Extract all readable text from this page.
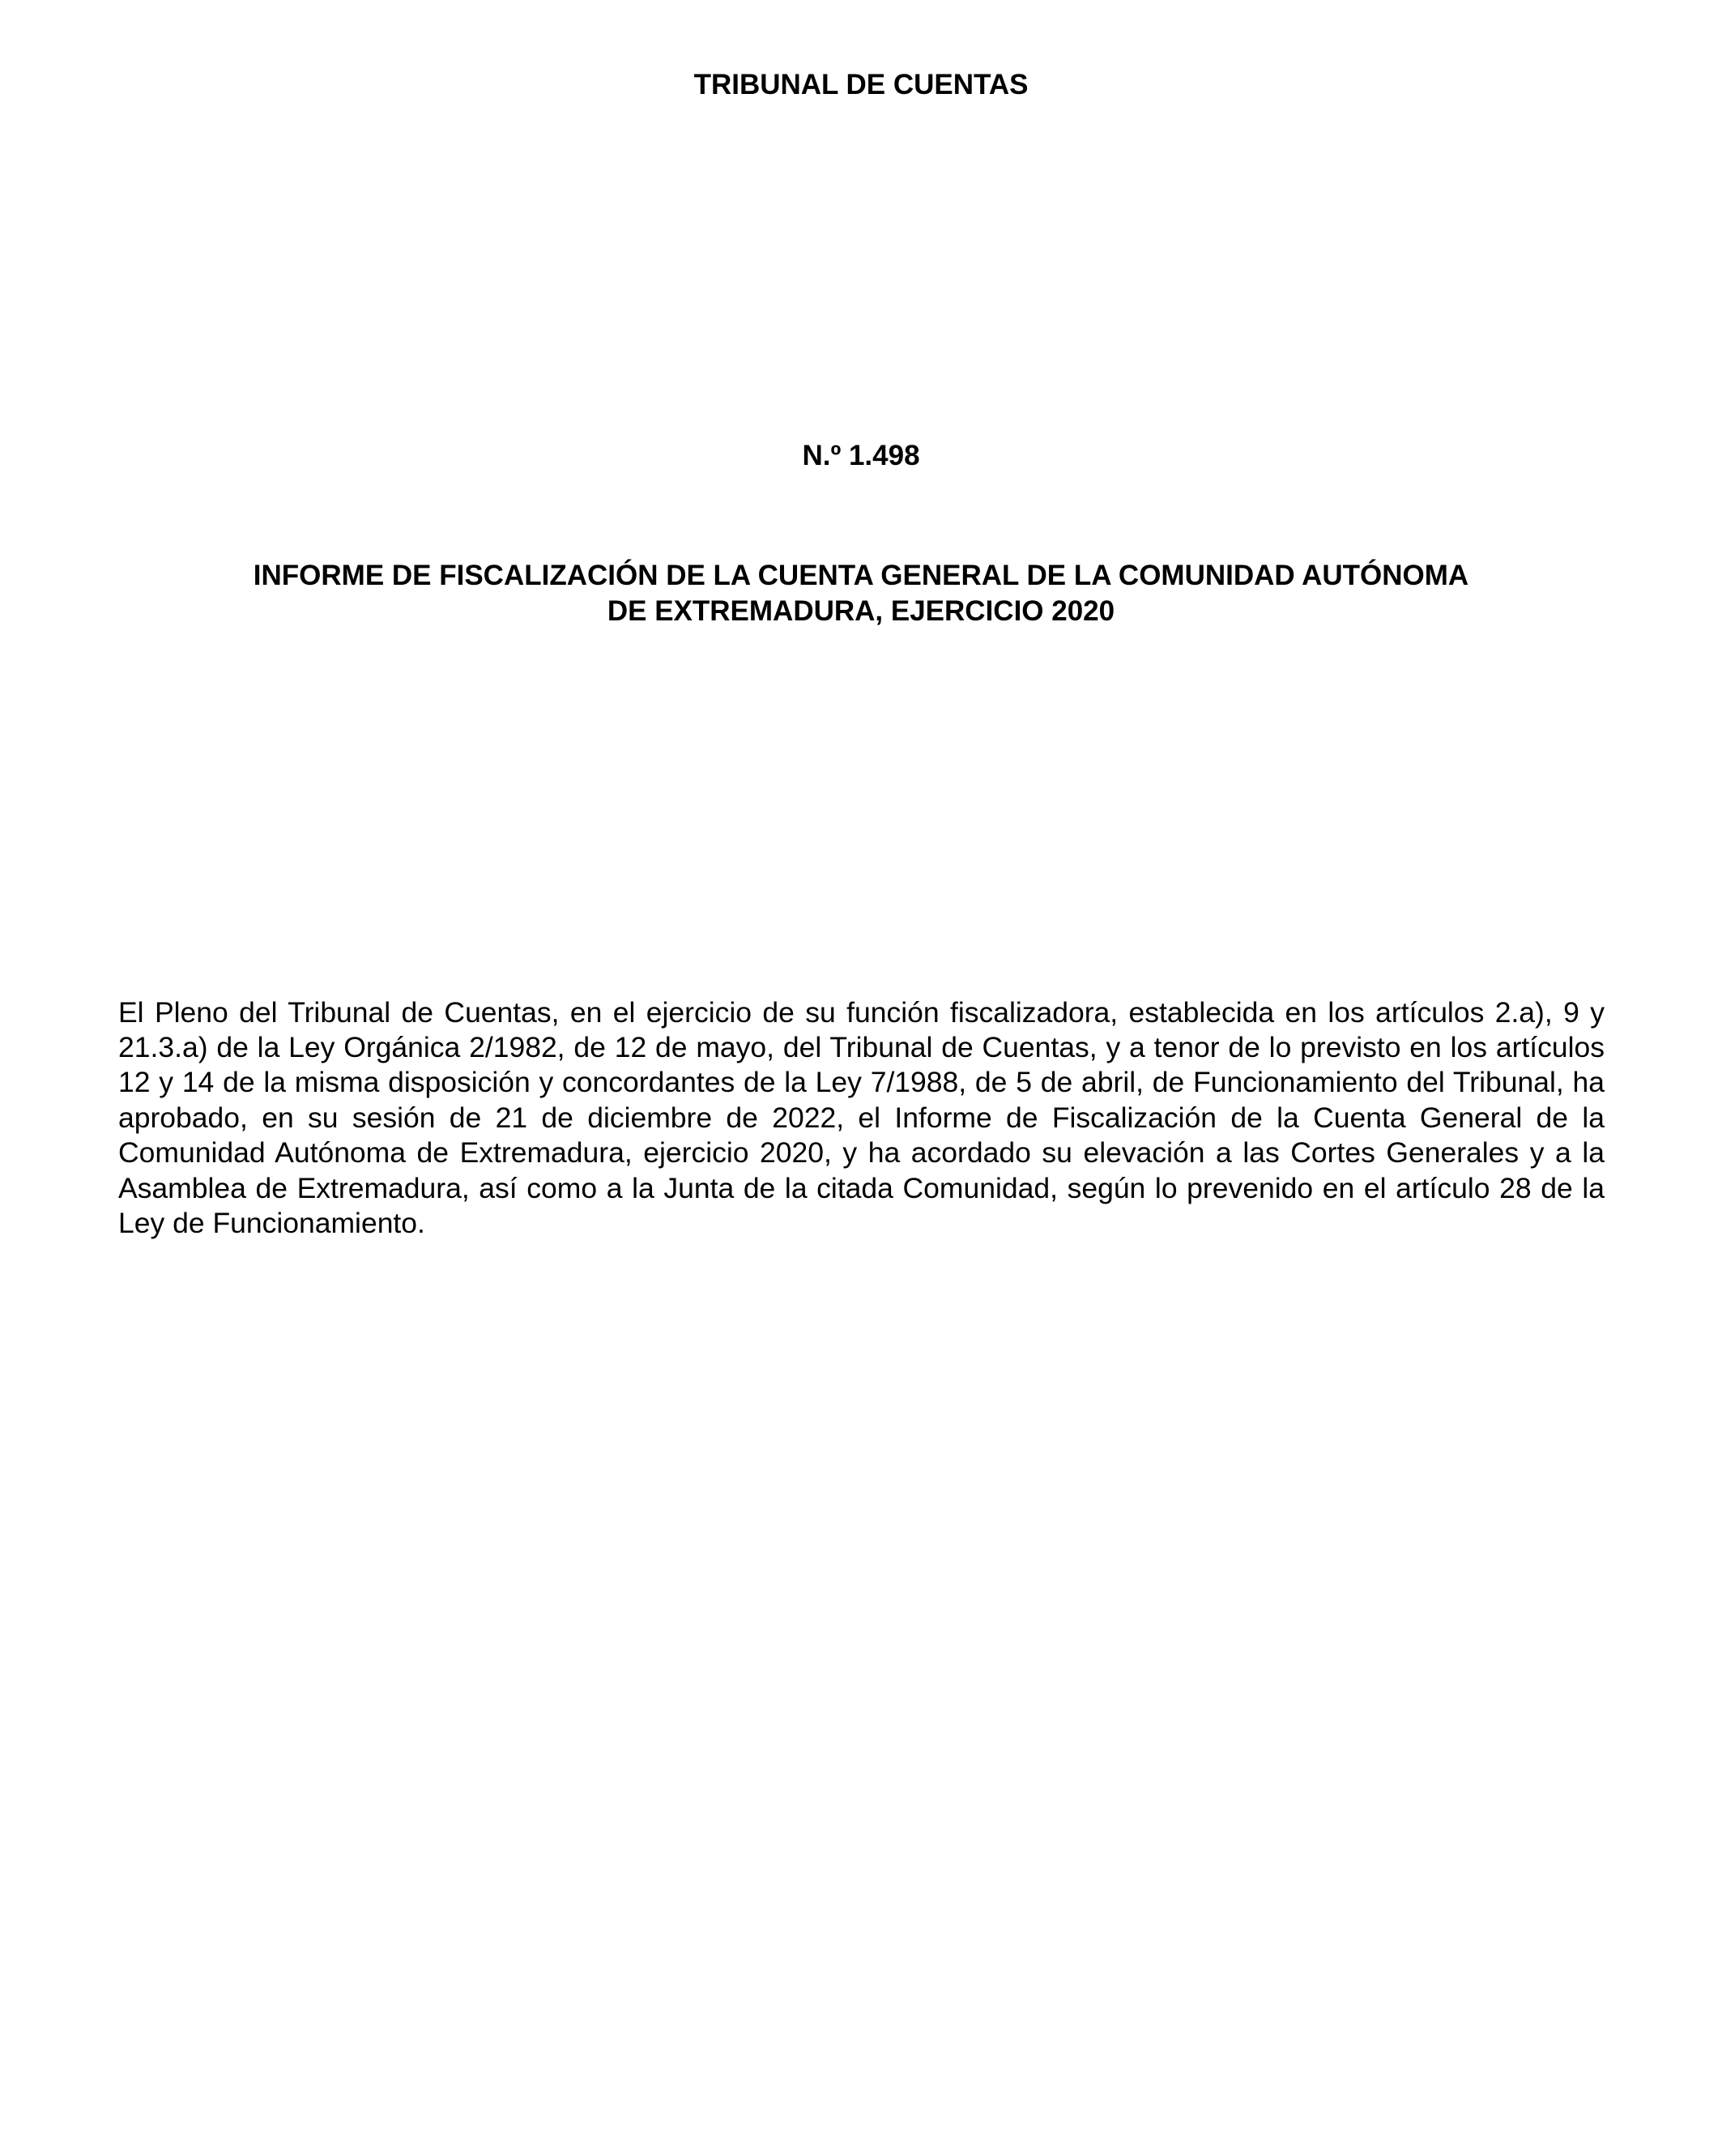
TRIBUNAL DE CUENTAS
N.º 1.498
INFORME DE FISCALIZACIÓN DE LA CUENTA GENERAL DE LA COMUNIDAD AUTÓNOMA
DE EXTREMADURA, EJERCICIO 2020

El Pleno del Tribunal de Cuentas, en el ejercicio de su función fiscalizadora, establecida en los artículos 2.a), 9 y 21.3.a) de la Ley Orgánica 2/1982, de 12 de mayo, del Tribunal de Cuentas, y a tenor de lo previsto en los artículos 12 y 14 de la misma disposición y concordantes de la Ley 7/1988, de 5 de abril, de Funcionamiento del Tribunal, ha aprobado, en su sesión de 21 de diciembre de 2022, el Informe de Fiscalización de la Cuenta General de la Comunidad Autónoma de Extremadura, ejercicio 2020, y ha acordado su elevación a las Cortes Generales y a la Asamblea de Extremadura, así como a la Junta de la citada Comunidad, según lo prevenido en el artículo 28 de la Ley de Funcionamiento.
